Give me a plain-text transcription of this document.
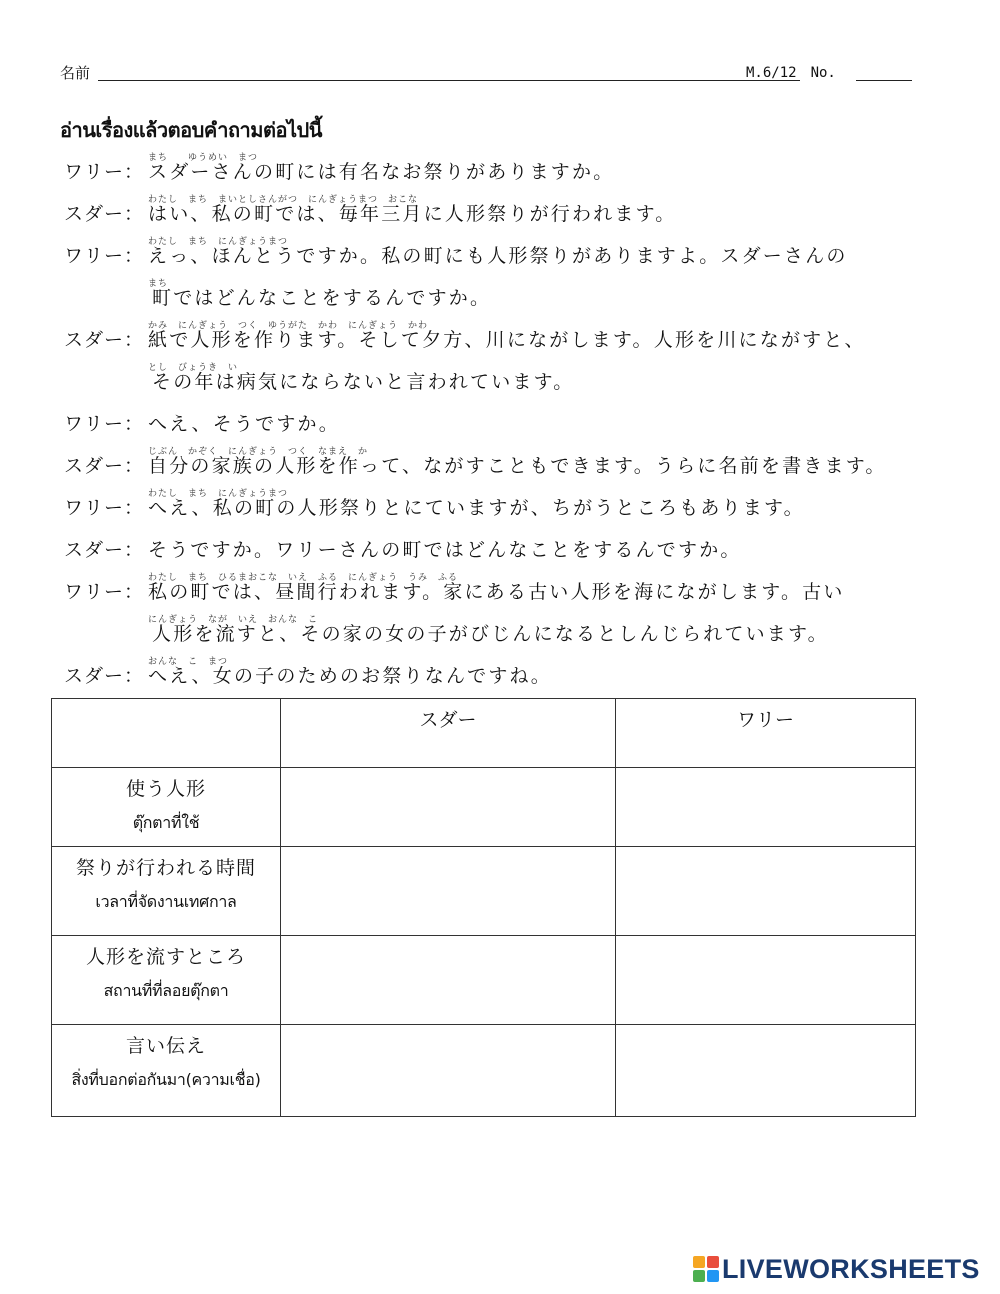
名前	M.6/12　No.
อ่านเรื่องแล้วตอบคำถามต่อไปนี้
まち　　ゆうめい　まつ
ワリー： スダーさんの町には有名なお祭りがありますか。
わたし　まち　まいとしさんがつ　にんぎょうまつ　おこな
スダー： はい、私の町では、毎年三月に人形祭りが行われます。
わたし　まち　にんぎょうまつ
ワリー： えっ、ほんとうですか。私の町にも人形祭りがありますよ。スダーさんの
まち
町ではどんなことをするんですか。
かみ　にんぎょう　つく　ゆうがた　かわ　にんぎょう　かわ
スダー： 紙で人形を作ります。そして夕方、川にながします。人形を川にながすと、
とし　びょうき　い
その年は病気にならないと言われています。
ワリー： へえ、そうですか。
じぶん　かぞく　にんぎょう　つく　なまえ　か
スダー： 自分の家族の人形を作って、ながすこともできます。うらに名前を書きます。
わたし　まち　にんぎょうまつ
ワリー： へえ、私の町の人形祭りとにていますが、ちがうところもあります。
スダー： そうですか。ワリーさんの町ではどんなことをするんですか。
わたし　まち　ひるまおこな　いえ　ふる　にんぎょう　うみ　ふる
ワリー： 私の町では、昼間行われます。家にある古い人形を海にながします。古い
にんぎょう　なが　いえ　おんな　こ
人形を流すと、その家の女の子がびじんになるとしんじられています。
おんな　こ　まつ
スダー： へえ、女の子のためのお祭りなんですね。
	スダー	ワリー

使う人形
ตุ๊กตาที่ใช้		

祭りが行われる時間
เวลาที่จัดงานเทศกาล		

人形を流すところ
สถานที่ที่ลอยตุ๊กตา		

言い伝え
สิ่งที่บอกต่อกันมา(ความเชื่อ)		

LIVEWORKSHEETS
